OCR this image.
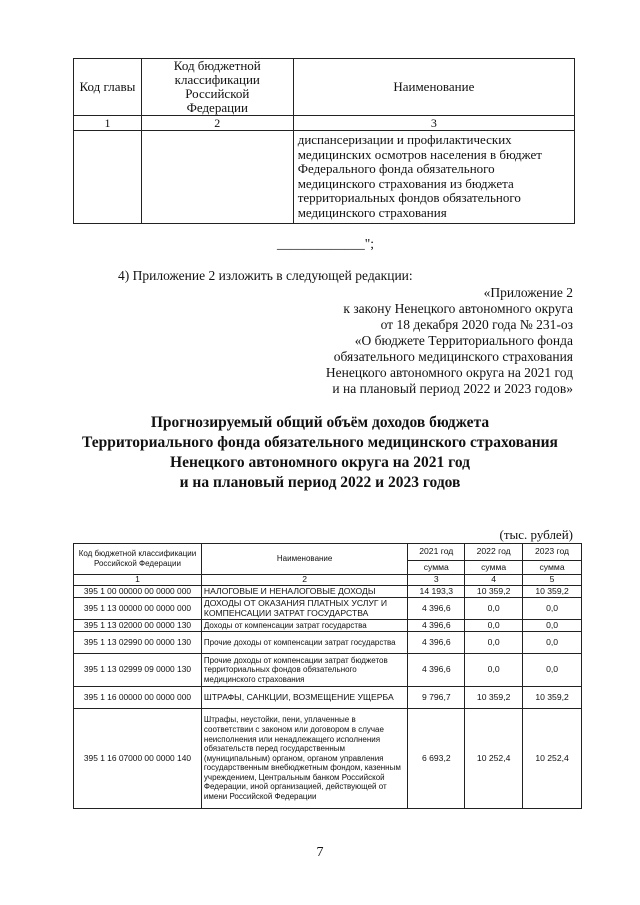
Код главы	Код бюджетной классификации Российской Федерации	Наименование
1	2	3
		диспансеризации и профилактических медицинских осмотров населения в бюджет Федерального фонда обязательного медицинского страхования из бюджета территориальных фондов обязательного медицинского страхования
_____________";
4) Приложение 2 изложить в следующей редакции:
«Приложение 2
к закону Ненецкого автономного округа
от 18 декабря 2020 года № 231-оз
«О бюджете Территориального фонда
обязательного медицинского страхования
Ненецкого автономного округа на 2021 год
и на плановый период 2022 и 2023 годов»
Прогнозируемый общий объём доходов бюджета
Территориального фонда обязательного медицинского страхования
Ненецкого автономного округа на 2021 год
и на плановый период 2022 и 2023 годов
(тыс. рублей)
Код бюджетной классификации Российской Федерации	Наименование	2021 год	2022 год	2023 год
		сумма	сумма	сумма
1	2	3	4	5
395 1 00 00000 00 0000 000	НАЛОГОВЫЕ И НЕНАЛОГОВЫЕ ДОХОДЫ	14 193,3	10 359,2	10 359,2
395 1 13 00000 00 0000 000	ДОХОДЫ ОТ ОКАЗАНИЯ ПЛАТНЫХ УСЛУГ И КОМПЕНСАЦИИ ЗАТРАТ ГОСУДАРСТВА	4 396,6	0,0	0,0
395 1 13 02000 00 0000 130	Доходы от компенсации затрат государства	4 396,6	0,0	0,0
395 1 13 02990 00 0000 130	Прочие доходы от компенсации затрат государства	4 396,6	0,0	0,0
395 1 13 02999 09 0000 130	Прочие доходы от компенсации затрат бюджетов территориальных фондов обязательного медицинского страхования	4 396,6	0,0	0,0
395 1 16 00000 00 0000 000	ШТРАФЫ, САНКЦИИ, ВОЗМЕЩЕНИЕ УЩЕРБА	9 796,7	10 359,2	10 359,2
395 1 16 07000 00 0000 140	Штрафы, неустойки, пени, уплаченные в соответствии с законом или договором в случае неисполнения или ненадлежащего исполнения обязательств перед государственным (муниципальным) органом, органом управления государственным внебюджетным фондом, казенным учреждением, Центральным банком Российской Федерации, иной организацией, действующей от имени Российской Федерации	6 693,2	10 252,4	10 252,4
7
